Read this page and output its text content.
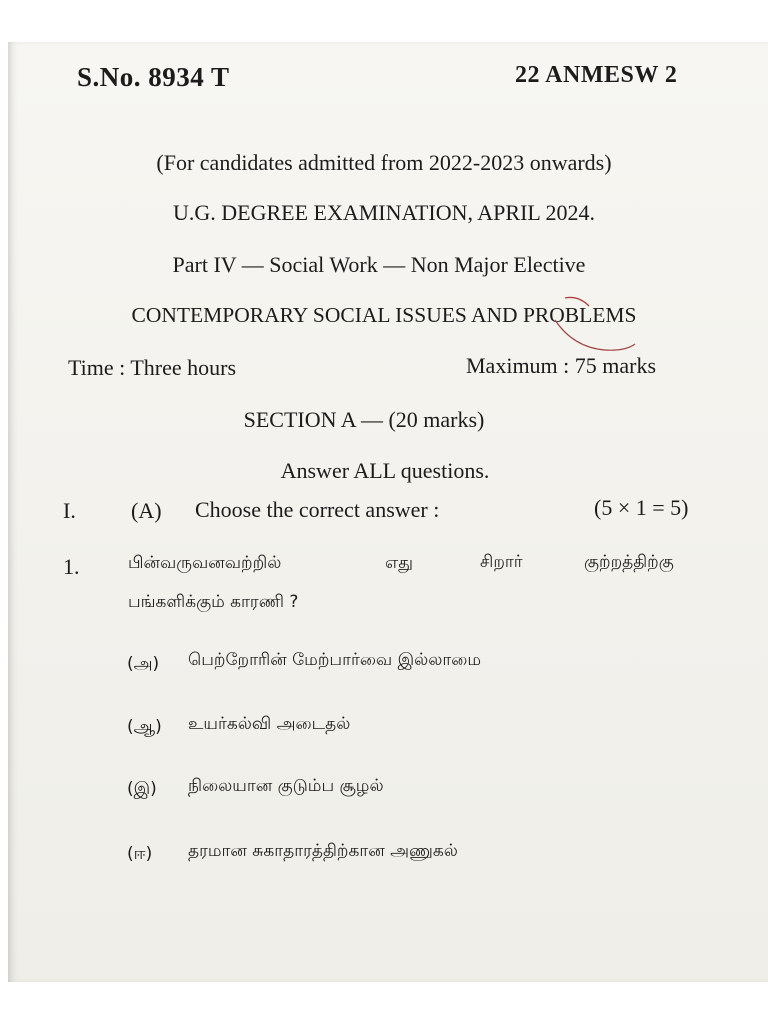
S.No. 8934 T	22 ANMESW 2
(For candidates admitted from 2022-2023 onwards)
U.G. DEGREE EXAMINATION, APRIL 2024.
Part IV — Social Work — Non Major Elective
CONTEMPORARY SOCIAL ISSUES AND PROBLEMS
Time : Three hours	Maximum : 75 marks
SECTION A — (20 marks)
Answer ALL questions.
I.	(A) Choose the correct answer :	(5 × 1 = 5)
1.	பின்வருவனவற்றில்	எது	சிறார்	குற்றத்திற்கு
பங்களிக்கும் காரணி ?
(அ) பெற்றோரின் மேற்பார்வை இல்லாமை
(ஆ) உயர்கல்வி அடைதல்
(இ) நிலையான குடும்ப சூழல்
(ஈ) தரமான சுகாதாரத்திற்கான அணுகல்
